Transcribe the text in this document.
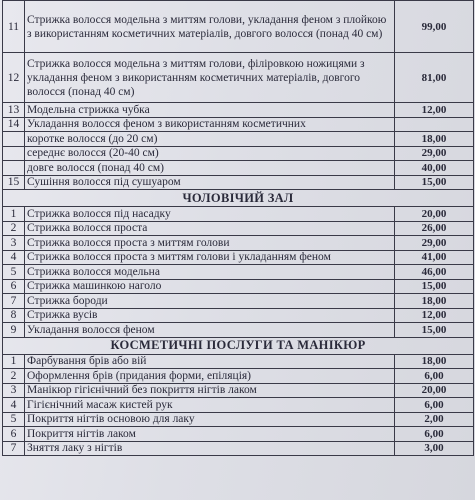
11	Стрижка волосся модельна з миттям голови, укладання феном з плойкою з використанням косметичних матеріалів, довгого волосся (понад 40 см)	99,00
12	Стрижка волосся модельна з миттям голови, філіровкою ножицями з укладання феном з використанням косметичних матеріалів, довгого волосся (понад 40 см)	81,00
13	Модельна стрижка чубка	12,00
14	Укладання волосся феном з використанням косметичних	
	коротке волосся (до 20 см)	18,00
	середнє волосся (20-40 см)	29,00
	довге волосся (понад 40 см)	40,00
15	Сушіння волосся під сушуаром	15,00
ЧОЛОВІЧИЙ ЗАЛ		
1	Стрижка волосся під насадку	20,00
2	Стрижка волосся проста	26,00
3	Стрижка волосся проста з миттям голови	29,00
4	Стрижка волосся проста з миттям голови і укладанням феном	41,00
5	Стрижка волосся модельна	46,00
6	Стрижка машинкою наголо	15,00
7	Стрижка бороди	18,00
8	Стрижка вусів	12,00
9	Укладання волосся феном	15,00
КОСМЕТИЧНІ ПОСЛУГИ ТА МАНІКЮР		
1	Фарбування брів або вій	18,00
2	Оформлення брів (придания форми, епіляція)	6,00
3	Манікюр гігієнічний без покриття нігтів лаком	20,00
4	Гігієнічний масаж кистей рук	6,00
5	Покриття нігтів основою для лаку	2,00
6	Покриття нігтів лаком	6,00
7	Зняття лаку з нігтів	3,00
